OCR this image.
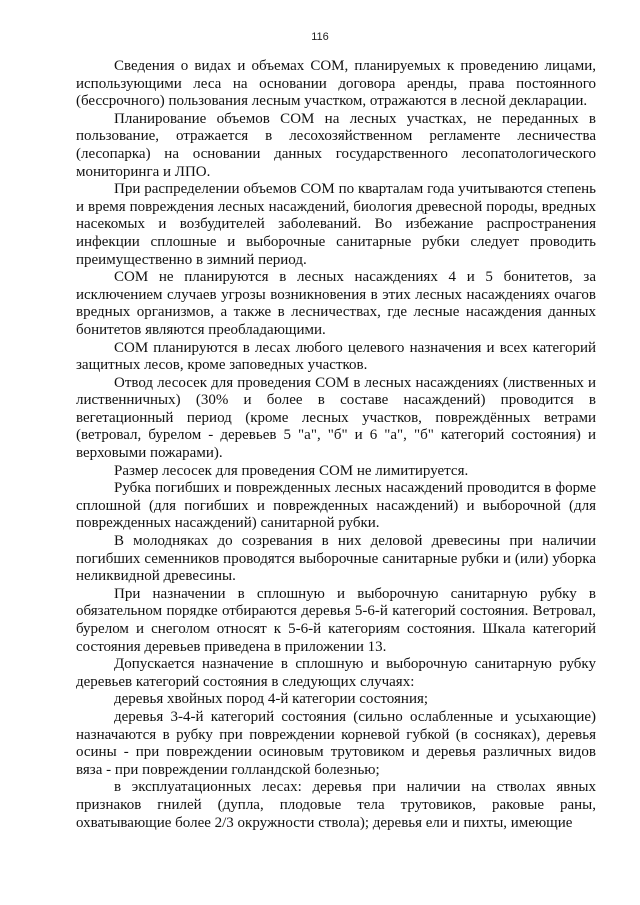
116

Сведения о видах и объемах СОМ, планируемых к проведению лицами, использующими леса на основании договора аренды, права постоянного (бессрочного) пользования лесным участком, отражаются в лесной декларации.

Планирование объемов СОМ на лесных участках, не переданных в пользование, отражается в лесохозяйственном регламенте лесничества (лесопарка) на основании данных государственного лесопатологического мониторинга и ЛПО.

При распределении объемов СОМ по кварталам года учитываются степень и время повреждения лесных насаждений, биология древесной породы, вредных насекомых и возбудителей заболеваний. Во избежание распространения инфекции сплошные и выборочные санитарные рубки следует проводить преимущественно в зимний период.

СОМ не планируются в лесных насаждениях 4 и 5 бонитетов, за исключением случаев угрозы возникновения в этих лесных насаждениях очагов вредных организмов, а также в лесничествах, где лесные насаждения данных бонитетов являются преобладающими.

СОМ планируются в лесах любого целевого назначения и всех категорий защитных лесов, кроме заповедных участков.

Отвод лесосек для проведения СОМ в лесных насаждениях (лиственных и лиственничных) (30% и более в составе насаждений) проводится в вегетационный период (кроме лесных участков, повреждённых ветрами (ветровал, бурелом - деревьев 5 "а", "б" и 6 "а", "б" категорий состояния) и верховыми пожарами).

Размер лесосек для проведения СОМ не лимитируется.

Рубка погибших и поврежденных лесных насаждений проводится в форме сплошной (для погибших и поврежденных насаждений) и выборочной (для поврежденных насаждений) санитарной рубки.

В молодняках до созревания в них деловой древесины при наличии погибших семенников проводятся выборочные санитарные рубки и (или) уборка неликвидной древесины.

При назначении в сплошную и выборочную санитарную рубку в обязательном порядке отбираются деревья 5-6-й категорий состояния. Ветровал, бурелом и снеголом относят к 5-6-й категориям состояния. Шкала категорий состояния деревьев приведена в приложении 13.

Допускается назначение в сплошную и выборочную санитарную рубку деревьев категорий состояния в следующих случаях:

деревья хвойных пород 4-й категории состояния;

деревья 3-4-й категорий состояния (сильно ослабленные и усыхающие) назначаются в рубку при повреждении корневой губкой (в сосняках), деревья осины - при повреждении осиновым трутовиком и деревья различных видов вяза - при повреждении голландской болезнью;

в эксплуатационных лесах: деревья при наличии на стволах явных признаков гнилей (дупла, плодовые тела трутовиков, раковые раны, охватывающие более 2/3 окружности ствола); деревья ели и пихты, имеющие
